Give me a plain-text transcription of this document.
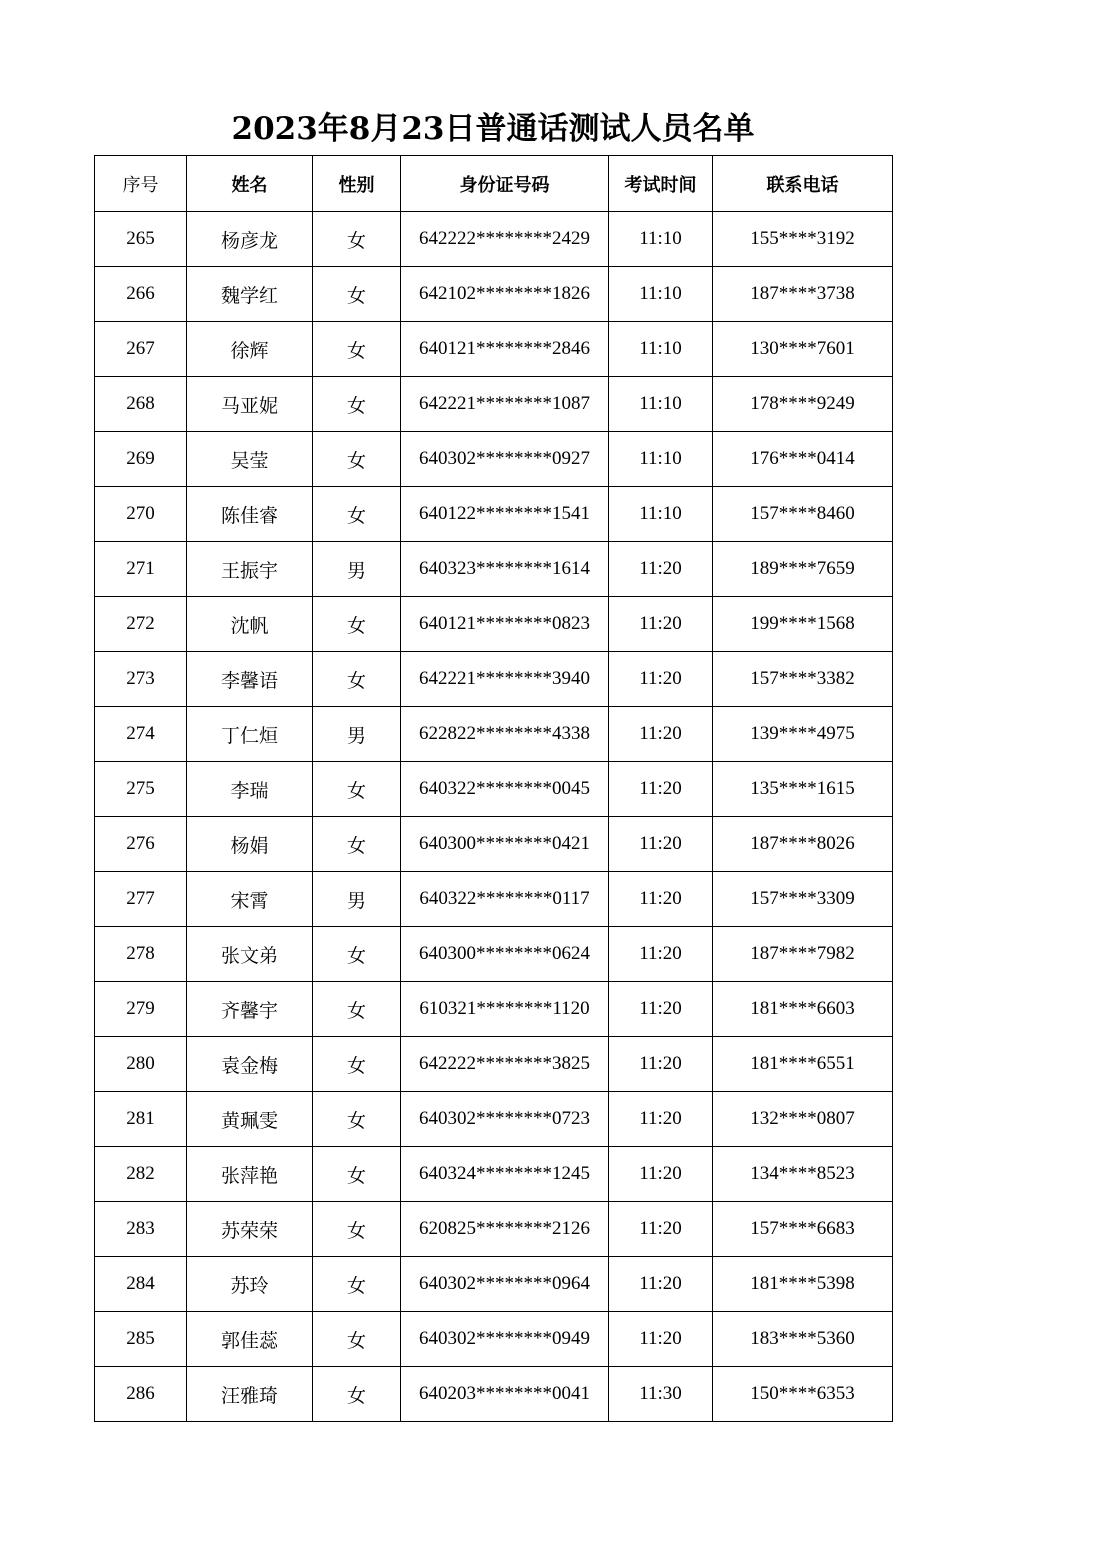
2023年8月23日普通话测试人员名单
序号	姓名	性别	身份证号码	考试时间	联系电话
265	杨彦龙	女	642222********2429	11:10	155****3192
266	魏学红	女	642102********1826	11:10	187****3738
267	徐辉	女	640121********2846	11:10	130****7601
268	马亚妮	女	642221********1087	11:10	178****9249
269	吴莹	女	640302********0927	11:10	176****0414
270	陈佳睿	女	640122********1541	11:10	157****8460
271	王振宇	男	640323********1614	11:20	189****7659
272	沈帆	女	640121********0823	11:20	199****1568
273	李馨语	女	642221********3940	11:20	157****3382
274	丁仁烜	男	622822********4338	11:20	139****4975
275	李瑞	女	640322********0045	11:20	135****1615
276	杨娟	女	640300********0421	11:20	187****8026
277	宋霄	男	640322********0117	11:20	157****3309
278	张文弟	女	640300********0624	11:20	187****7982
279	齐馨宇	女	610321********1120	11:20	181****6603
280	袁金梅	女	642222********3825	11:20	181****6551
281	黄珮雯	女	640302********0723	11:20	132****0807
282	张萍艳	女	640324********1245	11:20	134****8523
283	苏荣荣	女	620825********2126	11:20	157****6683
284	苏玲	女	640302********0964	11:20	181****5398
285	郭佳蕊	女	640302********0949	11:20	183****5360
286	汪雅琦	女	640203********0041	11:30	150****6353
